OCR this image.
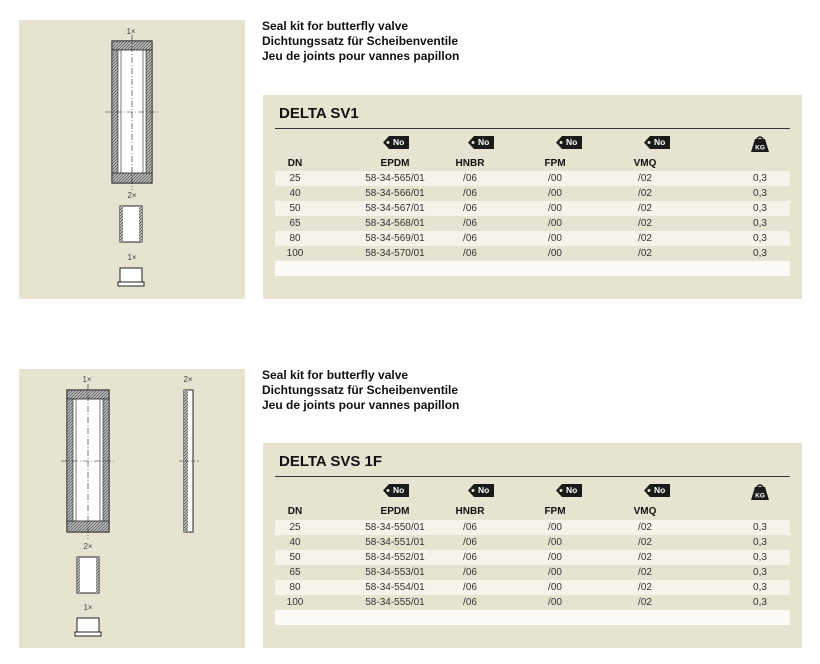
1×
2×
1×
Seal kit for butterfly valve
Dichtungssatz für Scheibenventile
Jeu de joints pour vannes papillon
DELTA SV1
No	No	No	No
KG
DN	EPDM	HNBR	FPM	VMQ
25	58-34-565/01	/06	/00	/02	0,3
40	58-34-566/01	/06	/00	/02	0,3
50	58-34-567/01	/06	/00	/02	0,3
65	58-34-568/01	/06	/00	/02	0,3
80	58-34-569/01	/06	/00	/02	0,3
100	58-34-570/01	/06	/00	/02	0,3
1×	2×
2×
1×
Seal kit for butterfly valve
Dichtungssatz für Scheibenventile
Jeu de joints pour vannes papillon
DELTA SVS 1F
No	No	No	No
KG
DN	EPDM	HNBR	FPM	VMQ
25	58-34-550/01	/06	/00	/02	0,3
40	58-34-551/01	/06	/00	/02	0,3
50	58-34-552/01	/06	/00	/02	0,3
65	58-34-553/01	/06	/00	/02	0,3
80	58-34-554/01	/06	/00	/02	0,3
100	58-34-555/01	/06	/00	/02	0,3
